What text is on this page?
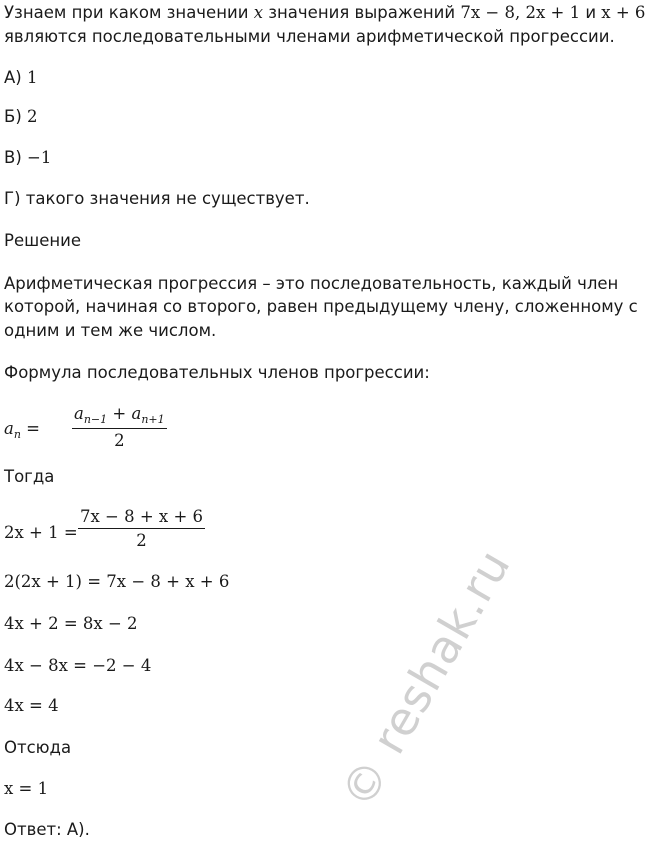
Узнаем при каком значении x значения выражений 7x − 8, 2x + 1 и x + 6
являются последовательными членами арифметической прогрессии.
А) 1
Б) 2
В) −1
Г) такого значения не существует.
Решение
Арифметическая прогрессия – это последовательность, каждый член
которой, начиная со второго, равен предыдущему члену, сложенному с
одним и тем же числом.
Формула последовательных членов прогрессии:
$a_n = \frac{a_{n-1} + a_{n+1}}{2}$
Тогда
$2x + 1 = \frac{7x - 8 + x + 6}{2}$
2(2x + 1) = 7x − 8 + x + 6
4x + 2 = 8x − 2
4x − 8x = −2 − 4
4x = 4
Отсюда
x = 1
Ответ: А).
© reshak.ru
